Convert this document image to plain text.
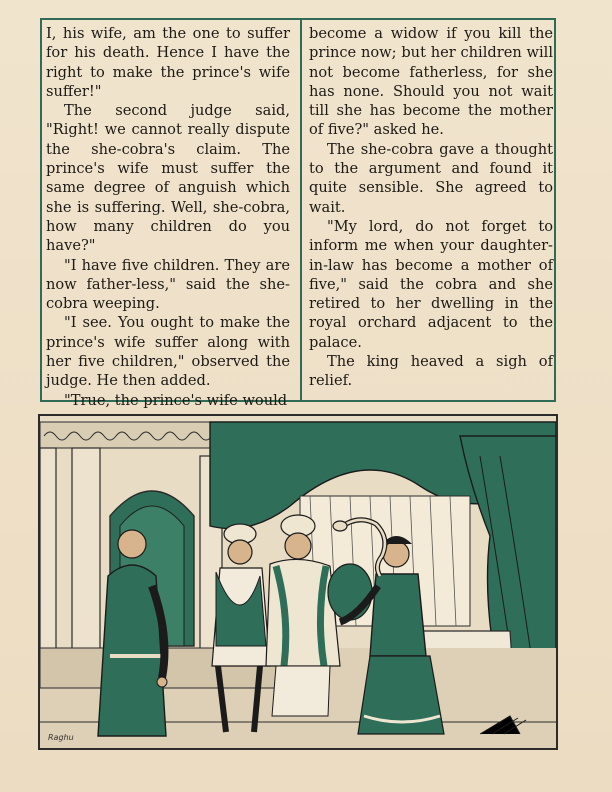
I, his wife, am the one to suffer for his death. Hence I have the right to make the prince's wife suffer!"

The second judge said, "Right! we cannot really dispute the she-cobra's claim. The prince's wife must suffer the same degree of anguish which she is suffering. Well, she-cobra, how many children do you have?"

"I have five children. They are now father-less," said the she-cobra weeping.

"I see. You ought to make the prince's wife suffer along with her five children," observed the judge. He then added.

"True, the prince's wife would

become a widow if you kill the prince now; but her children will not become fatherless, for she has none. Should you not wait till she has become the mother of five?" asked he.

The she-cobra gave a thought to the argument and found it quite sensible. She agreed to wait.

"My lord, do not forget to inform me when your daughter-in-law has become a mother of five," said the cobra and she retired to her dwelling in the royal orchard adjacent to the palace.

The king heaved a sigh of relief.

Raghu
